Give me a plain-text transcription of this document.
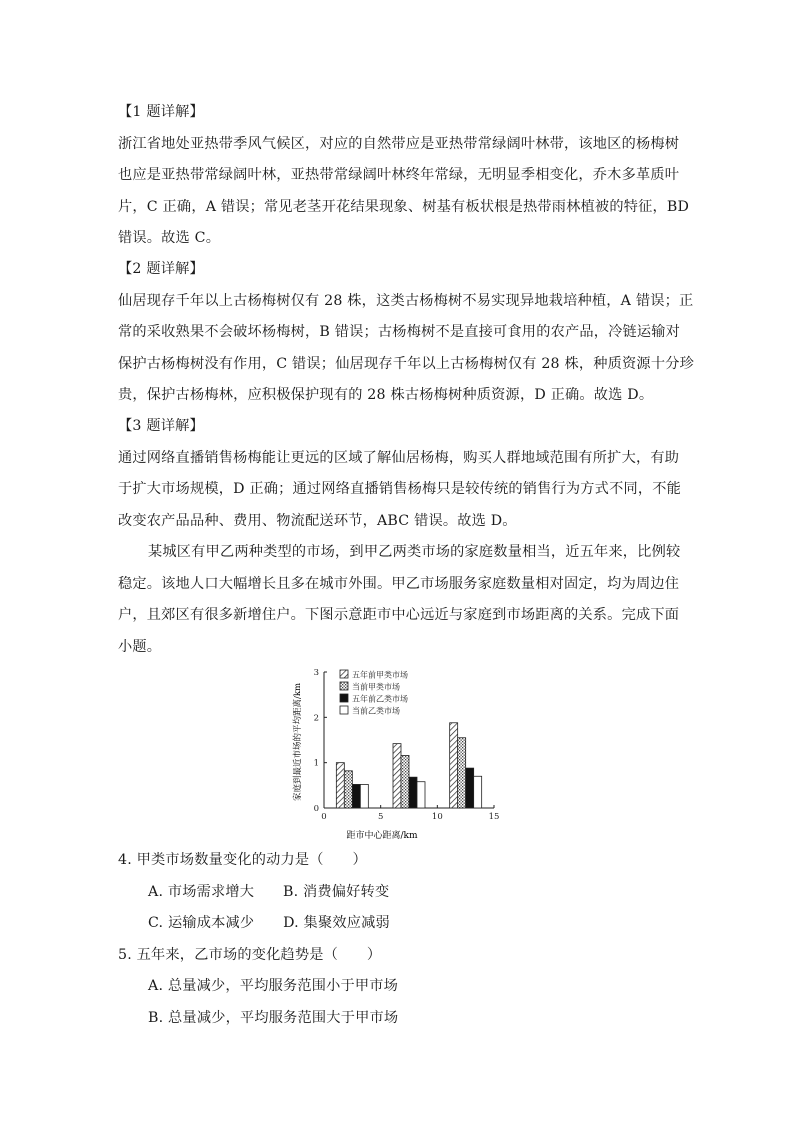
【1 题详解】
浙江省地处亚热带季风气候区，对应的自然带应是亚热带常绿阔叶林带，该地区的杨梅树
也应是亚热带常绿阔叶林，亚热带常绿阔叶林终年常绿，无明显季相变化，乔木多革质叶
片，C 正确，A 错误；常见老茎开花结果现象、树基有板状根是热带雨林植被的特征，BD
错误。故选 C。
【2 题详解】
仙居现存千年以上古杨梅树仅有 28 株，这类古杨梅树不易实现异地栽培种植，A 错误；正
常的采收熟果不会破坏杨梅树，B 错误；古杨梅树不是直接可食用的农产品，冷链运输对
保护古杨梅树没有作用，C 错误；仙居现存千年以上古杨梅树仅有 28 株，种质资源十分珍
贵，保护古杨梅林，应积极保护现有的 28 株古杨梅树种质资源，D 正确。故选 D。
【3 题详解】
通过网络直播销售杨梅能让更远的区域了解仙居杨梅，购买人群地域范围有所扩大，有助
于扩大市场规模，D 正确；通过网络直播销售杨梅只是较传统的销售行为方式不同，不能
改变农产品品种、费用、物流配送环节，ABC 错误。故选 D。
某城区有甲乙两种类型的市场，到甲乙两类市场的家庭数量相当，近五年来，比例较
稳定。该地人口大幅增长且多在城市外围。甲乙市场服务家庭数量相对固定，均为周边住
户，且郊区有很多新增住户。下图示意距市中心远近与家庭到市场距离的关系。完成下面
小题。
0	5	10	15
0
1
2
3	五年前甲类市场
当前甲类市场
五年前乙类市场
当前乙类市场
距市中心距离/km
家庭到最近市场的平均距离/km
4. 甲类市场数量变化的动力是（　　）
A. 市场需求增大　　B. 消费偏好转变
C. 运输成本减少　　D. 集聚效应减弱
5. 五年来，乙市场的变化趋势是（　　）
A. 总量减少，平均服务范围小于甲市场
B. 总量减少，平均服务范围大于甲市场
